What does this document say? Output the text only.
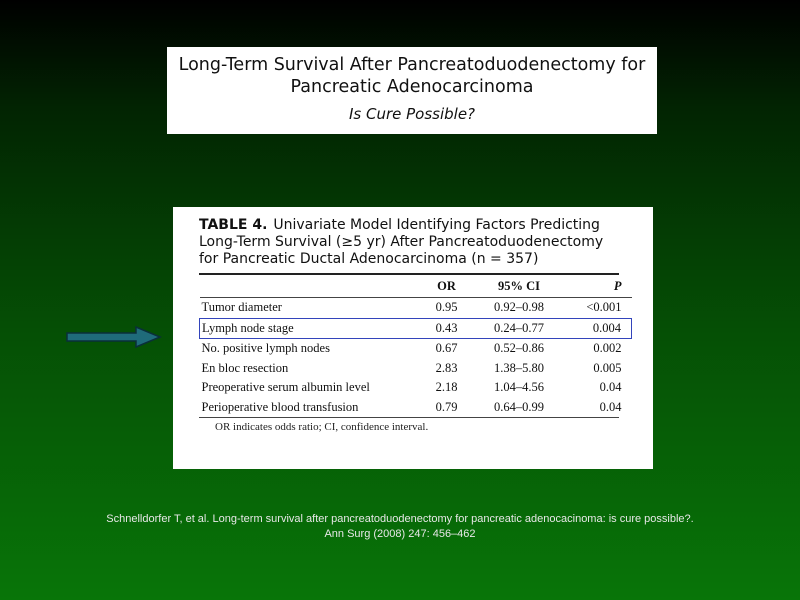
Long-Term Survival After Pancreatoduodenectomy for
Pancreatic Adenocarcinoma
Is Cure Possible?
TABLE 4. Univariate Model Identifying Factors Predicting
Long-Term Survival (≥5 yr) After Pancreatoduodenectomy
for Pancreatic Ductal Adenocarcinoma (n = 357)
	OR	95% CI	P

Tumor diameter	0.95	0.92–0.98	<0.001
Lymph node stage	0.43	0.24–0.77	0.004
No. positive lymph nodes	0.67	0.52–0.86	0.002
En bloc resection	2.83	1.38–5.80	0.005
Preoperative serum albumin level	2.18	1.04–4.56	0.04
Perioperative blood transfusion	0.79	0.64–0.99	0.04
OR indicates odds ratio; CI, confidence interval.
Schnelldorfer T, et al. Long-term survival after pancreatoduodenectomy for pancreatic adenocacinoma: is cure possible?.
Ann Surg (2008) 247: 456–462
